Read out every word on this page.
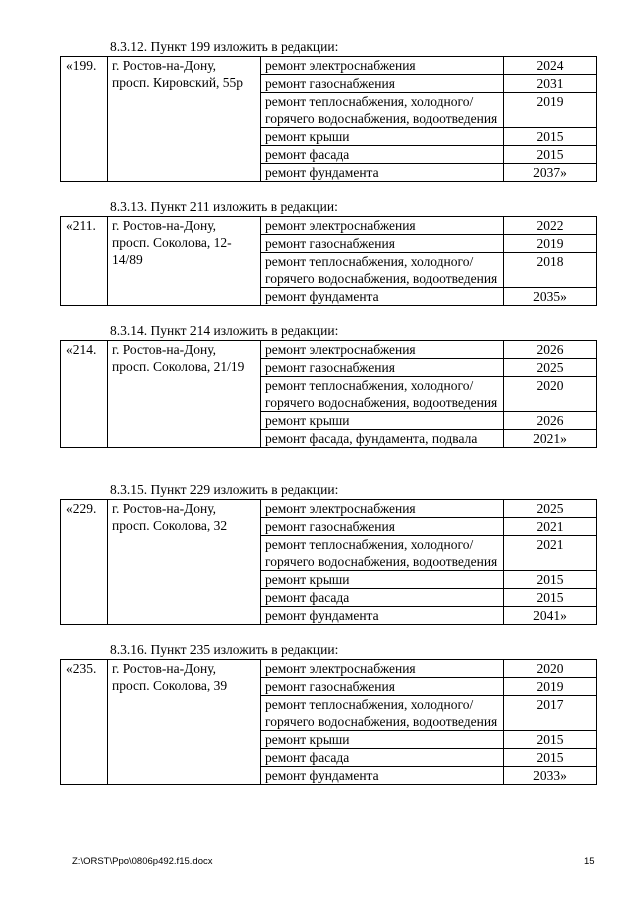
8.3.12. Пункт 199 изложить в редакции:
«199.	г. Ростов-на-Дону, просп. Кировский, 55р	ремонт электроснабжения	2024
		ремонт газоснабжения	2031
		ремонт теплоснабжения, холодного/горячего водоснабжения, водоотведения	2019
		ремонт крыши	2015
		ремонт фасада	2015
		ремонт фундамента	2037»
8.3.13. Пункт 211 изложить в редакции:
«211.	г. Ростов-на-Дону, просп. Соколова, 12-14/89	ремонт электроснабжения	2022
		ремонт газоснабжения	2019
		ремонт теплоснабжения, холодного/горячего водоснабжения, водоотведения	2018
		ремонт фундамента	2035»
8.3.14. Пункт 214 изложить в редакции:
«214.	г. Ростов-на-Дону, просп. Соколова, 21/19	ремонт электроснабжения	2026
		ремонт газоснабжения	2025
		ремонт теплоснабжения, холодного/горячего водоснабжения, водоотведения	2020
		ремонт крыши	2026
		ремонт фасада, фундамента, подвала	2021»
8.3.15. Пункт 229 изложить в редакции:
«229.	г. Ростов-на-Дону, просп. Соколова, 32	ремонт электроснабжения	2025
		ремонт газоснабжения	2021
		ремонт теплоснабжения, холодного/горячего водоснабжения, водоотведения	2021
		ремонт крыши	2015
		ремонт фасада	2015
		ремонт фундамента	2041»
8.3.16. Пункт 235 изложить в редакции:
«235.	г. Ростов-на-Дону, просп. Соколова, 39	ремонт электроснабжения	2020
		ремонт газоснабжения	2019
		ремонт теплоснабжения, холодного/горячего водоснабжения, водоотведения	2017
		ремонт крыши	2015
		ремонт фасада	2015
		ремонт фундамента	2033»
Z:\ORST\Ppo\0806p492.f15.docx	15
